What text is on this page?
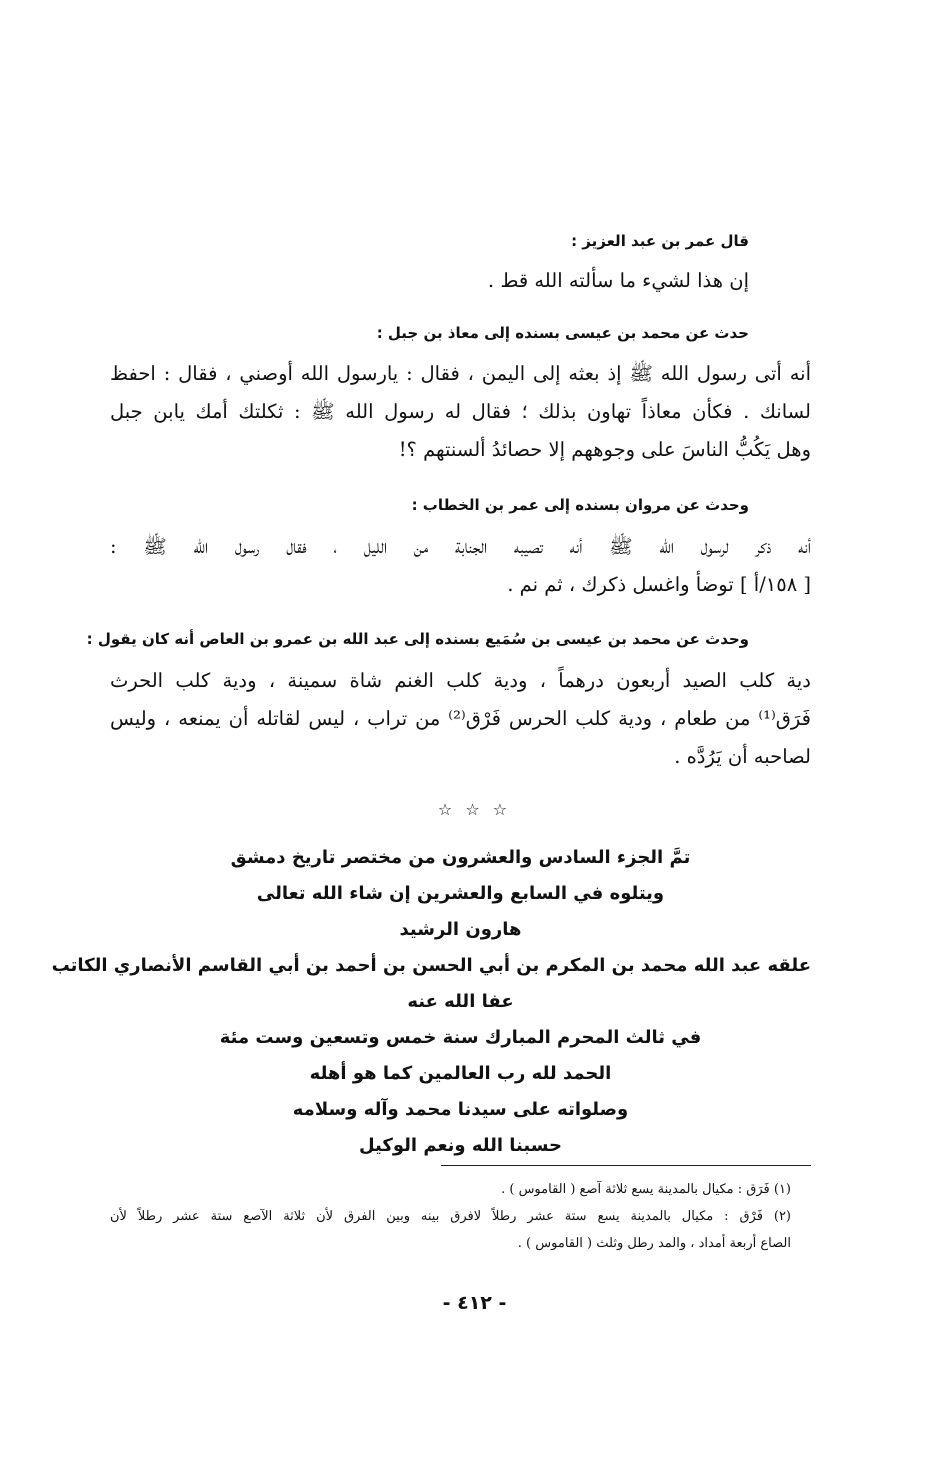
قال عمر بن عبد العزيز :
إن هذا لشيء ما سألته الله قط .
حدث عن محمد بن عيسى بسنده إلى معاذ بن جبل :
أنه أتى رسول الله ﷺ إذ بعثه إلى اليمن ، فقال : يارسول الله أوصني ، فقال : احفظ
لسانك . فكأن معاذاً تهاون بذلك ؛ فقال له رسول الله ﷺ : ثكلتك أمك يابن جبل
وهل يَكُبُّ الناسَ على وجوههم إلا حصائدُ ألسنتهم ؟!
وحدث عن مروان بسنده إلى عمر بن الخطاب :
أنه ذكر لرسول الله ﷺ أنه تصيبه الجنابة من الليل ، فقال رسول الله ﷺ :
[ ١٥٨/أ ] توضأ واغسل ذكرك ، ثم نم .
وحدث عن محمد بن عيسى بن سُمَيع بسنده إلى عبد الله بن عمرو بن العاص أنه كان يقول :
دية كلب الصيد أربعون درهماً ، ودية كلب الغنم شاة سمينة ، ودية كلب الحرث
فَرَق⁽¹⁾ من طعام ، ودية كلب الحرس فَرْق⁽²⁾ من تراب ، ليس لقاتله أن يمنعه ، وليس
لصاحبه أن يَرُدَّه .
☆ ☆ ☆
تمَّ الجزء السادس والعشرون من مختصر تاريخ دمشق
ويتلوه في السابع والعشرين إن شاء الله تعالى
هارون الرشيد
علقه عبد الله محمد بن المكرم بن أبي الحسن بن أحمد بن أبي القاسم الأنصاري الكاتب
عفا الله عنه
في ثالث المحرم المبارك سنة خمس وتسعين وست مئة
الحمد لله رب العالمين كما هو أهله
وصلواته على سيدنا محمد وآله وسلامه
حسبنا الله ونعم الوكيل
(١) فَرَق : مكيال بالمدينة يسع ثلاثة آصع ( القاموس ) .
(٢) فَرْق : مكيال بالمدينة يسع ستة عشر رطلاً لافرق بينه وبين الفرق لأن ثلاثة الآصع ستة عشر رطلاً لأن
الصاع أربعة أمداد ، والمد رطل وثلث ( القاموس ) .
- ٤١٢ -
